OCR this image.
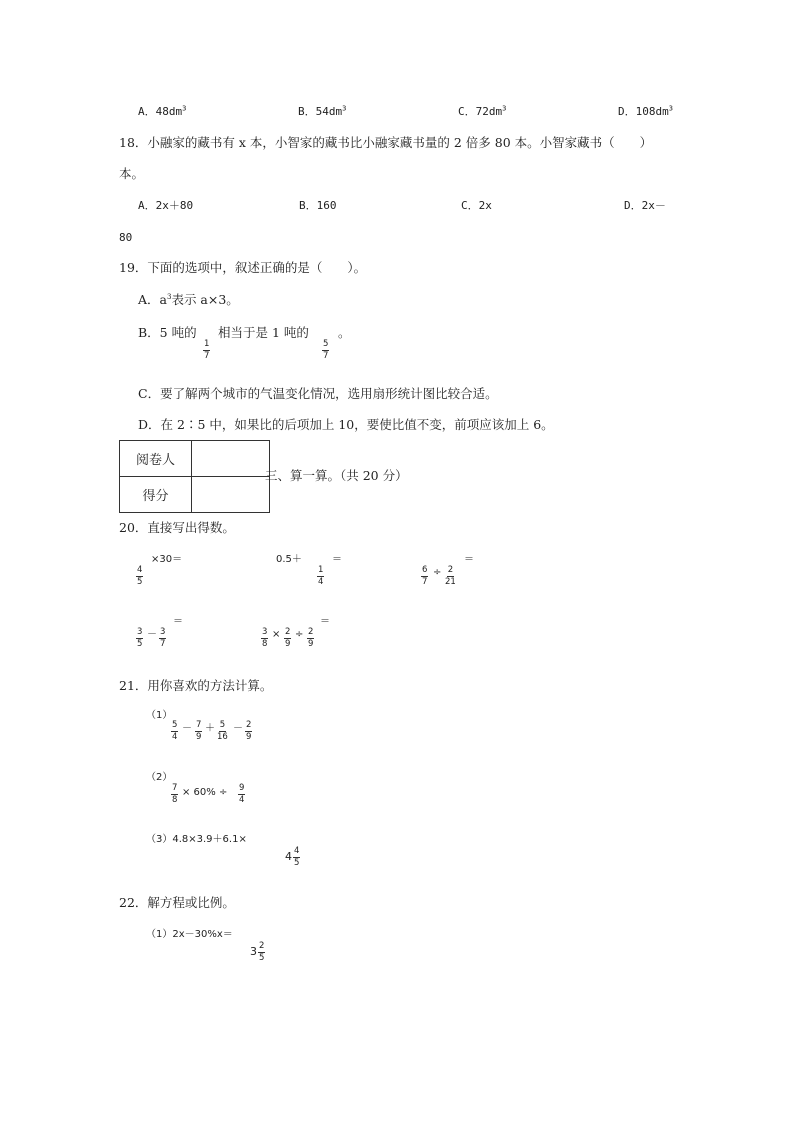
A．$48dm^3$	B．$54dm^3$	C．$72dm^3$	D．$108dm^3$
18．小融家的藏书有 x 本，小智家的藏书比小融家藏书量的 2 倍多 80 本。小智家藏书（　　）
本。
A．2x＋80	B．160	C．2x	D．2x－
80
19．下面的选项中，叙述正确的是（　　）。
A．$a^3$表示 a×3。
B．5 吨的
$\frac{1}{7}$
相当于是 1 吨的
$\frac{5}{7}$
。
C．要了解两个城市的气温变化情况，选用扇形统计图比较合适。
D．在 2∶5 中，如果比的后项加上 10，要使比值不变，前项应该加上 6。
阅卷人	
得分	
三、算一算。（共 20 分）
20．直接写出得数。
$\frac{4}{5}$
×30＝	0.5＋
$\frac{1}{4}$
＝
$\frac{6}{7} \div \frac{2}{21}$
＝
$\frac{3}{5} - \frac{3}{7}$
＝
$\frac{3}{8} \times \frac{2}{9} \div \frac{2}{9}$
＝
21．用你喜欢的方法计算。
（1）
$\frac{5}{4} - \frac{7}{9} + \frac{5}{16} - \frac{2}{9}$
（2）
$\frac{7}{8} \times 60\% \div \frac{9}{4}$
（3）4.8×3.9＋6.1×
$4 \frac{4}{5}$
22．解方程或比例。
（1）2x－30%x＝
$3 \frac{2}{5}$
